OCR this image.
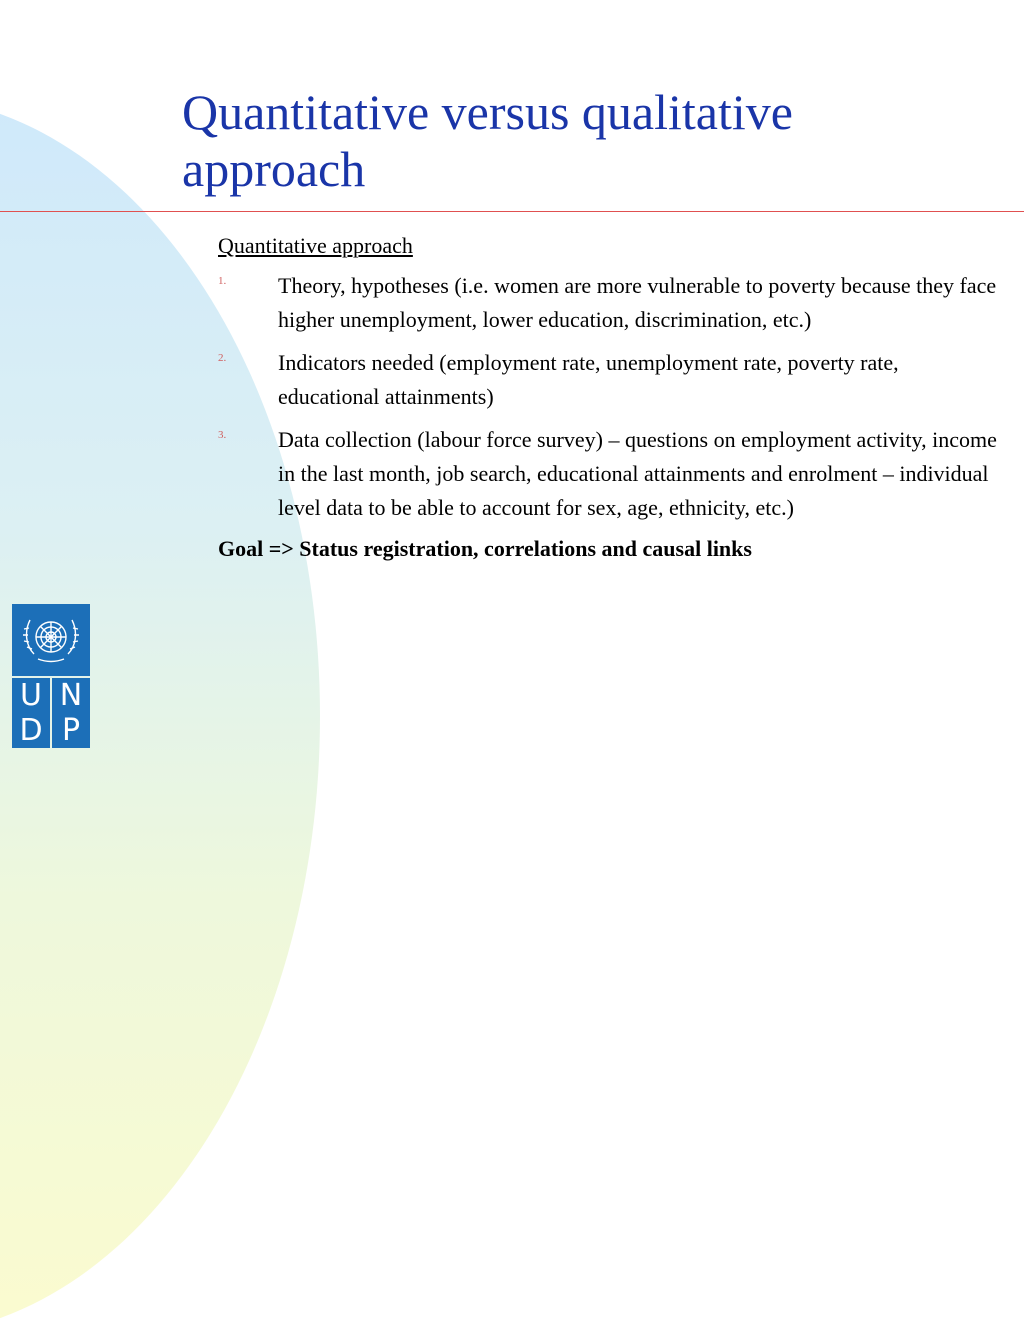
Quantitative versus qualitative
approach
Quantitative approach
1. Theory, hypotheses (i.e. women are more vulnerable to poverty because they face higher unemployment, lower education, discrimination, etc.)
2. Indicators needed (employment rate, unemployment rate, poverty rate, educational attainments)
3. Data collection (labour force survey) – questions on employment activity, income in the last month, job search, educational attainments and enrolment – individual level data to be able to account for sex, age, ethnicity, etc.)
Goal => Status registration, correlations and causal links
U N
D P
